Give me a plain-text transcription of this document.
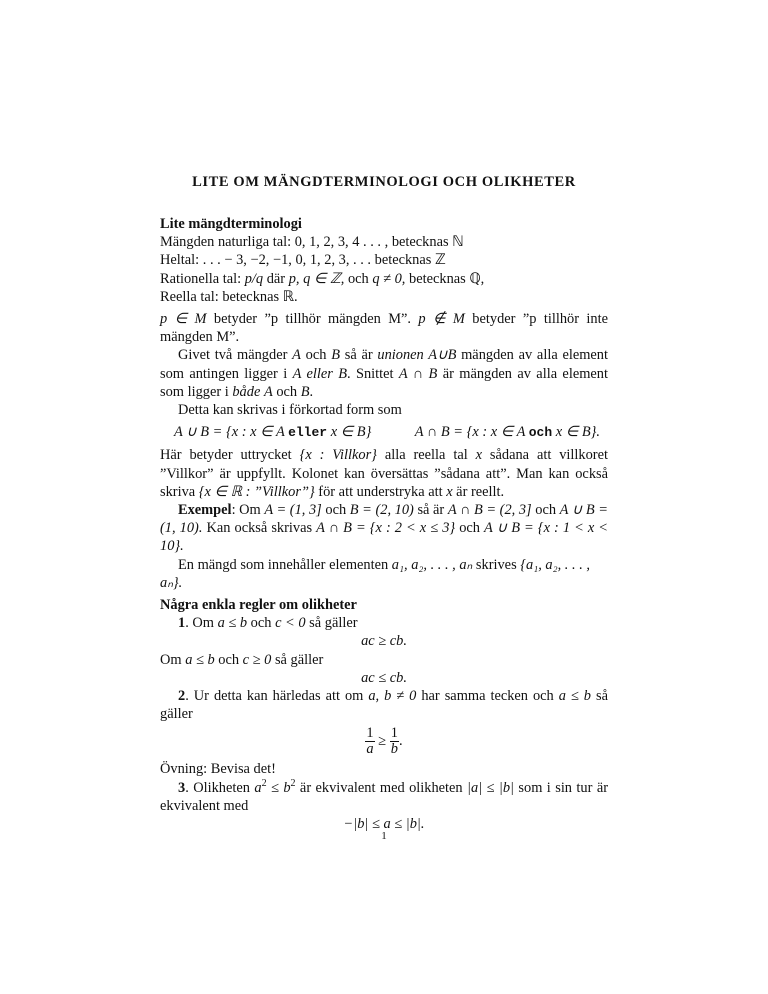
LITE OM MÄNGDTERMINOLOGI OCH OLIKHETER

Lite mängdterminologi

Mängden naturliga tal: 0, 1, 2, 3, 4 . . . , betecknas ℕ

Heltal: . . . − 3, −2, −1, 0, 1, 2, 3, . . . betecknas ℤ

Rationella tal: p/q där p, q ∈ ℤ, och q ≠ 0, betecknas ℚ,

Reella tal: betecknas ℝ.

p ∈ M betyder ”p tillhör mängden M”. p ∉ M betyder ”p tillhör inte mängden M”.

Givet två mängder A och B så är unionen A∪B mängden av alla element som antingen ligger i A eller B. Snittet A ∩ B är mängden av alla element som ligger i både A och B.

Detta kan skrivas i förkortad form som

A ∪ B = {x : x ∈ A eller x ∈ B}	A ∩ B = {x : x ∈ A och x ∈ B}.

Här betyder uttrycket {x : Villkor} alla reella tal x sådana att villkoret ”Villkor” är uppfyllt. Kolonet kan översättas ”sådana att”. Man kan också skriva {x ∈ ℝ : ”Villkor”} för att understryka att x är reellt.

Exempel: Om A = (1, 3] och B = (2, 10) så är A ∩ B = (2, 3] och A ∪ B = (1, 10). Kan också skrivas A ∩ B = {x : 2 < x ≤ 3} och A ∪ B = {x : 1 < x < 10}.

En mängd som innehåller elementen a₁, a₂, . . . , aₙ skrives {a₁, a₂, . . . , aₙ}.

Några enkla regler om olikheter

1. Om a ≤ b och c < 0 så gäller

ac ≥ cb.

Om a ≤ b och c ≥ 0 så gäller

ac ≤ cb.

2. Ur detta kan härledas att om a, b ≠ 0 har samma tecken och a ≤ b så gäller

$\frac{1}{a} \ge \frac{1}{b}$ .

Övning: Bevisa det!

3. Olikheten $a^2 \le b^2$ är ekvivalent med olikheten |a| ≤ |b| som i sin tur är ekvivalent med

−|b| ≤ a ≤ |b|.

1
